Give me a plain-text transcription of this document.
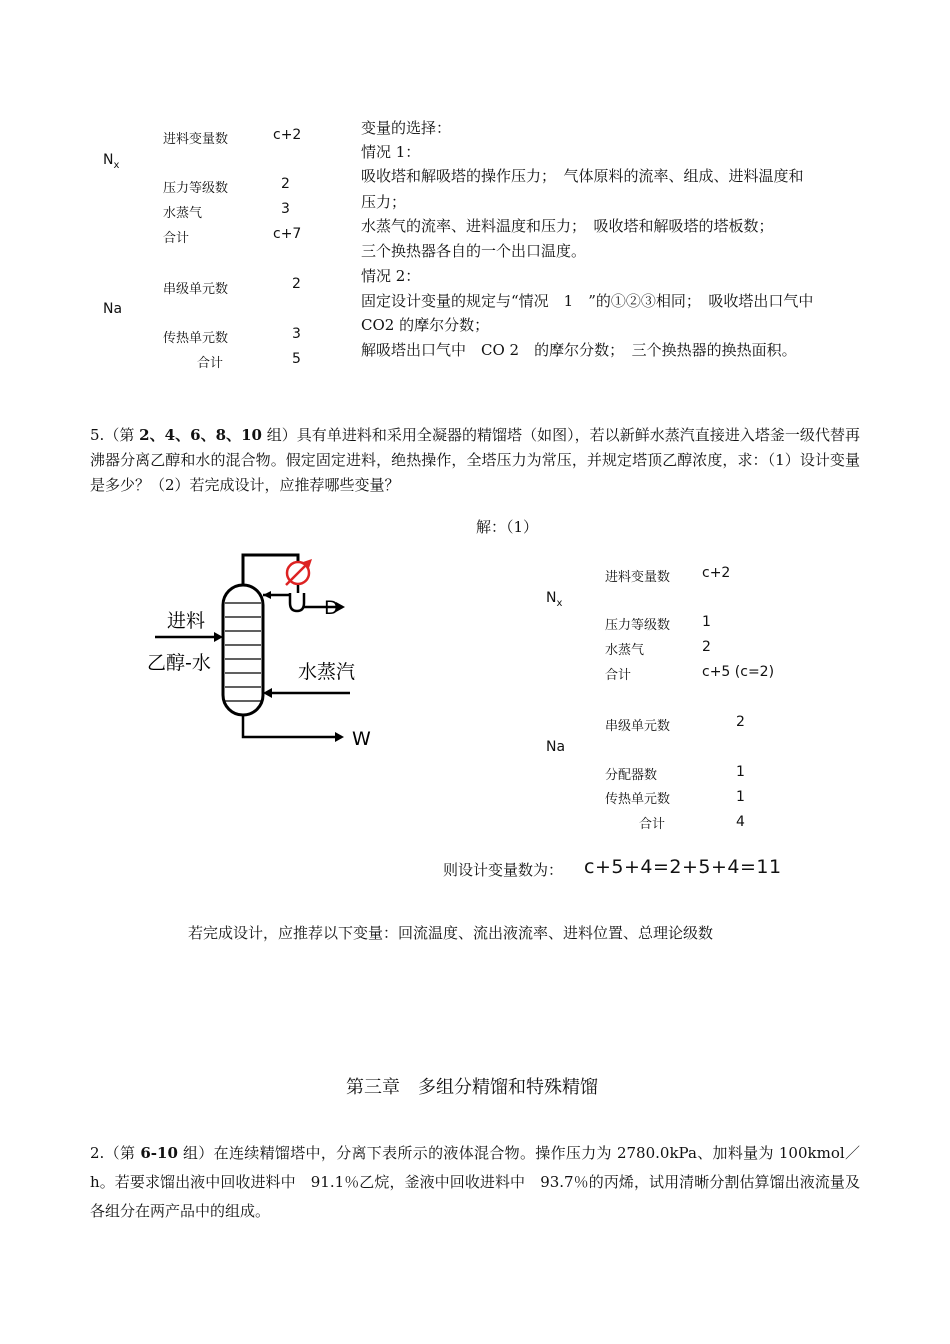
$N_x$
进料变量数	c+2
压力等级数	2
水蒸气	3
合计	c+7
Na
串级单元数	2
传热单元数	3
合计	5
变量的选择：
情况 1：
吸收塔和解吸塔的操作压力；　气体原料的流率、组成、进料温度和
压力；
水蒸气的流率、进料温度和压力；　吸收塔和解吸塔的塔板数；
三个换热器各自的一个出口温度。
情况 2：
固定设计变量的规定与“情况　1　”的①②③相同；　吸收塔出口气中
CO2 的摩尔分数；
解吸塔出口气中　CO 2　的摩尔分数；　三个换热器的换热面积。
5.（第 2、4、6、8、10 组）具有单进料和采用全凝器的精馏塔（如图），若以新鲜水蒸汽直接进入塔釜一级代替再沸器分离乙醇和水的混合物。假定固定进料，绝热操作，全塔压力为常压，并规定塔顶乙醇浓度，求：（1）设计变量是多少？（2）若完成设计，应推荐哪些变量？
解：（1）
D
进料
乙醇-水	水蒸汽
W
$N_x$
进料变量数 c+2
压力等级数 1
水蒸气	2
合计	c+5 (c=2)
Na
串级单元数	2
分配器数	1
传热单元数	1
合计	4
则设计变量数为： c+5+4=2+5+4=11
若完成设计，应推荐以下变量：回流温度、流出液流率、进料位置、总理论级数
第三章　多组分精馏和特殊精馏
2.（第 6-10 组）在连续精馏塔中，分离下表所示的液体混合物。操作压力为 2780.0kPa、加料量为 100kmol／h。若要求馏出液中回收进料中　91.1％乙烷，釜液中回收进料中　93.7％的丙烯，试用清晰分割估算馏出液流量及各组分在两产品中的组成。
